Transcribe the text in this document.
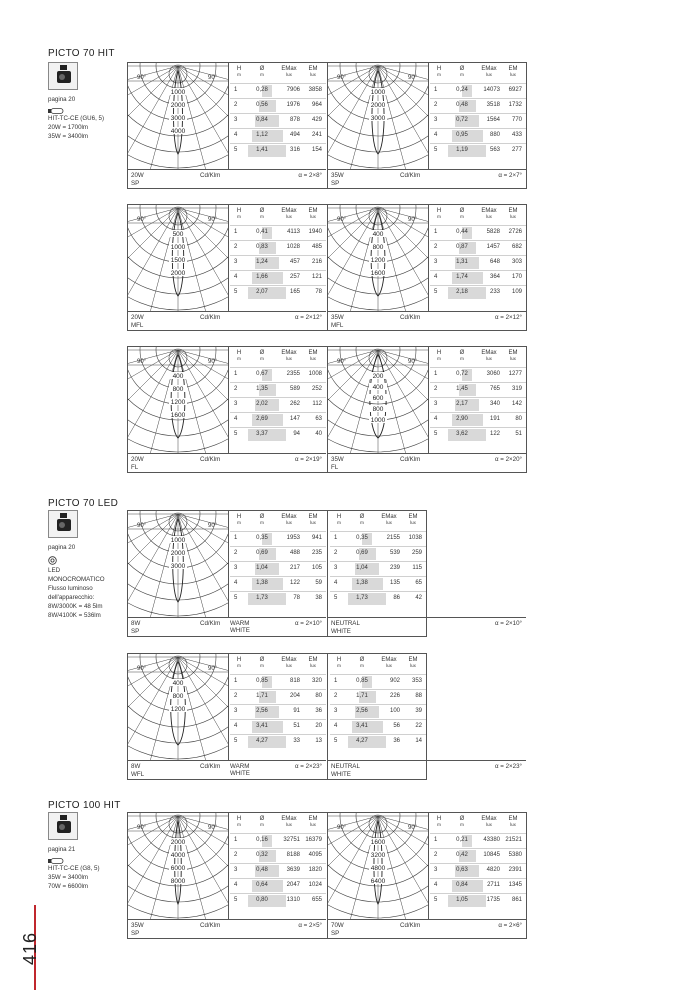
PICTO 70 HIT
pagina 20
HIT-TC-CE (GU6, 5)
20W = 1700lm
35W = 3400lm
90°	90°
1000
2000
3000
4000
H
m
Ø
m
EMax
lux
EM
lux
1	0,28	7906	3858
2	0,56	1976	964
3	0,84	878	429
4	1,12	494	241
5	1,41	316	154
20W
SP
Cd/Klm	α = 2×8°
90°	90°
1000
2000
3000
H
m
Ø
m
EMax
lux
EM
lux
1	0,24	14073	6927
2	0,48	3518	1732
3	0,72	1564	770
4	0,95	880	433
5	1,19	563	277
35W
SP
Cd/Klm	α = 2×7°
90°	90°
500
1000
1500
2000
H
m
Ø
m
EMax
lux
EM
lux
1	0,41	4113	1940
2	0,83	1028	485
3	1,24	457	216
4	1,66	257	121
5	2,07	165	78
20W
MFL
Cd/Klm	α = 2×12°
90°	90°
400
800
1200
1600
H
m
Ø
m
EMax
lux
EM
lux
1	0,44	5828	2726
2	0,87	1457	682
3	1,31	648	303
4	1,74	364	170
5	2,18	233	109
35W
MFL
Cd/Klm	α = 2×12°
90°	90°
400
800
1200
1600
H
m
Ø
m
EMax
lux
EM
lux
1	0,67	2355	1008
2	1,35	589	252
3	2,02	262	112
4	2,69	147	63
5	3,37	94	40
20W
FL
Cd/Klm	α = 2×19°
90°	90°
200
400
600
800
1000
H
m
Ø
m
EMax
lux
EM
lux
1	0,72	3060	1277
2	1,45	765	319
3	2,17	340	142
4	2,90	191	80
5	3,62	122	51
35W
FL
Cd/Klm	α = 2×20°
PICTO 70 LED
pagina 20
LED
MONOCROMATICO
Flusso luminoso
dell'apparecchio:
8W/3000K = 48 5lm
8W/4100K = 536lm
90°	90°
1000
2000
3000
H
m
Ø
m
EMax
lux
EM
lux
1	0,35	1953	941
2	0,69	488	235
3	1,04	217	105
4	1,38	122	59
5	1,73	78	38
8W
SP
Cd/Klm WARM
WHITE
α = 2×10°
H
m
Ø
m
EMax
lux
EM
lux
1	0,35	2155	1038
2	0,69	539	259
3	1,04	239	115
4	1,38	135	65
5	1,73	86	42
NEUTRAL
WHITE
α = 2×10°
90°	90°
400
800
1200
H
m
Ø
m
EMax
lux
EM
lux
1	0,85	818	320
2	1,71	204	80
3	2,56	91	36
4	3,41	51	20
5	4,27	33	13
8W
WFL
Cd/Klm WARM
WHITE
α = 2×23°
H
m
Ø
m
EMax
lux
EM
lux
1	0,85	902	353
2	1,71	226	88
3	2,56	100	39
4	3,41	56	22
5	4,27	36	14
NEUTRAL
WHITE
α = 2×23°
PICTO 100 HIT
pagina 21
HIT-TC-CE (G8, 5)
35W = 3400lm
70W = 6600lm
90°	90°
2000
4000
6000
8000
H
m
Ø
m
EMax
lux
EM
lux
1	0,16	32751 16379
2	0,32	8188	4095
3	0,48	3639	1820
4	0,64	2047	1024
5	0,80	1310	655
35W
SP
Cd/Klm	α = 2×5°
90°	90°
1600
3200
4800
6400
H
m
Ø
m
EMax
lux
EM
lux
1	0,21	43380 21521
2	0,42	10845	5380
3	0,63	4820	2391
4	0,84	2711	1345
5	1,05	1735	861
70W
SP
Cd/Klm	α = 2×6°
416
